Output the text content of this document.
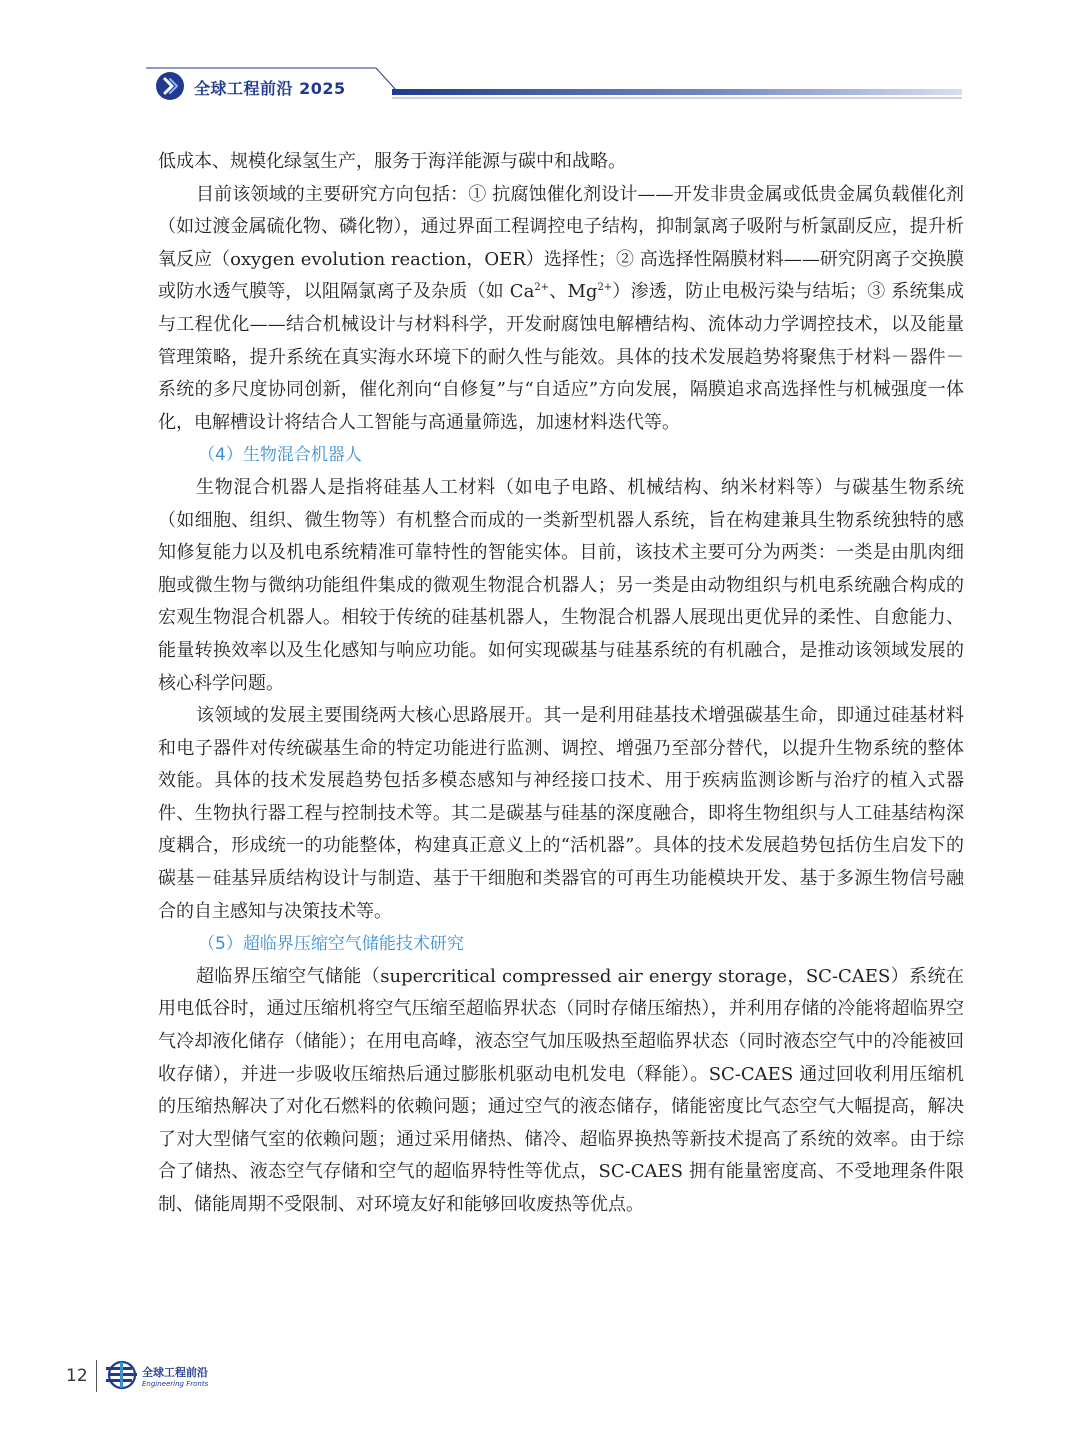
全球工程前沿 2025

低成本、规模化绿氢生产，服务于海洋能源与碳中和战略。

目前该领域的主要研究方向包括：① 抗腐蚀催化剂设计——开发非贵金属或低贵金属负载催化剂（如过渡金属硫化物、磷化物），通过界面工程调控电子结构，抑制氯离子吸附与析氯副反应，提升析氧反应（oxygen evolution reaction，OER）选择性；② 高选择性隔膜材料——研究阴离子交换膜或防水透气膜等，以阻隔氯离子及杂质（如 $Ca^{2+}$、$Mg^{2+}$）渗透，防止电极污染与结垢；③ 系统集成与工程优化——结合机械设计与材料科学，开发耐腐蚀电解槽结构、流体动力学调控技术，以及能量管理策略，提升系统在真实海水环境下的耐久性与能效。具体的技术发展趋势将聚焦于材料－器件－系统的多尺度协同创新，催化剂向“自修复”与“自适应”方向发展，隔膜追求高选择性与机械强度一体化，电解槽设计将结合人工智能与高通量筛选，加速材料迭代等。

（4）生物混合机器人

生物混合机器人是指将硅基人工材料（如电子电路、机械结构、纳米材料等）与碳基生物系统（如细胞、组织、微生物等）有机整合而成的一类新型机器人系统，旨在构建兼具生物系统独特的感知修复能力以及机电系统精准可靠特性的智能实体。目前，该技术主要可分为两类：一类是由肌肉细胞或微生物与微纳功能组件集成的微观生物混合机器人；另一类是由动物组织与机电系统融合构成的宏观生物混合机器人。相较于传统的硅基机器人，生物混合机器人展现出更优异的柔性、自愈能力、能量转换效率以及生化感知与响应功能。如何实现碳基与硅基系统的有机融合，是推动该领域发展的核心科学问题。

该领域的发展主要围绕两大核心思路展开。其一是利用硅基技术增强碳基生命，即通过硅基材料和电子器件对传统碳基生命的特定功能进行监测、调控、增强乃至部分替代，以提升生物系统的整体效能。具体的技术发展趋势包括多模态感知与神经接口技术、用于疾病监测诊断与治疗的植入式器件、生物执行器工程与控制技术等。其二是碳基与硅基的深度融合，即将生物组织与人工硅基结构深度耦合，形成统一的功能整体，构建真正意义上的“活机器”。具体的技术发展趋势包括仿生启发下的碳基－硅基异质结构设计与制造、基于干细胞和类器官的可再生功能模块开发、基于多源生物信号融合的自主感知与决策技术等。

（5）超临界压缩空气储能技术研究

超临界压缩空气储能（supercritical compressed air energy storage，SC-CAES）系统在用电低谷时，通过压缩机将空气压缩至超临界状态（同时存储压缩热），并利用存储的冷能将超临界空气冷却液化储存（储能）；在用电高峰，液态空气加压吸热至超临界状态（同时液态空气中的冷能被回收存储），并进一步吸收压缩热后通过膨胀机驱动电机发电（释能）。SC-CAES 通过回收利用压缩机的压缩热解决了对化石燃料的依赖问题；通过空气的液态储存，储能密度比气态空气大幅提高，解决了对大型储气室的依赖问题；通过采用储热、储冷、超临界换热等新技术提高了系统的效率。由于综合了储热、液态空气存储和空气的超临界特性等优点，SC-CAES 拥有能量密度高、不受地理条件限制、储能周期不受限制、对环境友好和能够回收废热等优点。

12	全球工程前沿
Engineering Fronts
